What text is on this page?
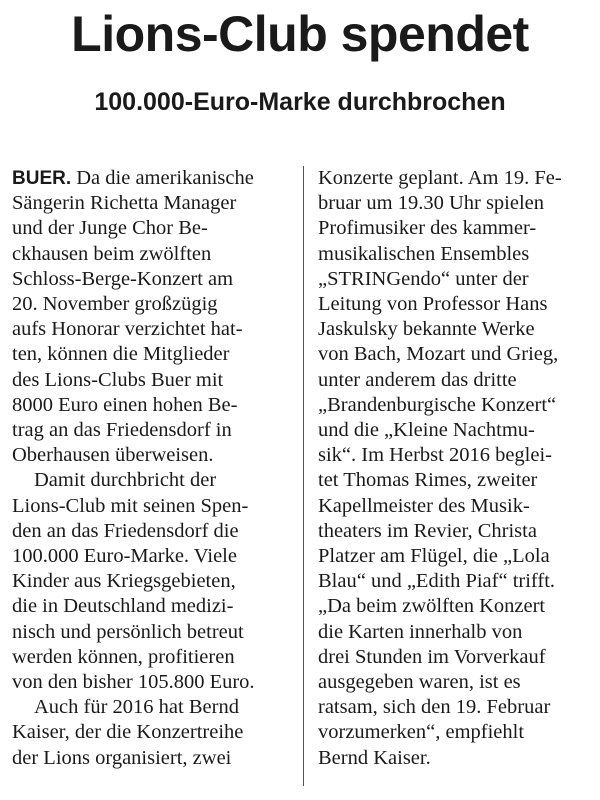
Lions-Club spendet
100.000-Euro-Marke durchbrochen
BUER. Da die amerikanische
Sängerin Richetta Manager
und der Junge Chor Be-
ckhausen beim zwölften
Schloss-Berge-Konzert am
20. November großzügig
aufs Honorar verzichtet hat-
ten, können die Mitglieder
des Lions-Clubs Buer mit
8000 Euro einen hohen Be-
trag an das Friedensdorf in
Oberhausen überweisen.
Damit durchbricht der
Lions-Club mit seinen Spen-
den an das Friedensdorf die
100.000 Euro-Marke. Viele
Kinder aus Kriegsgebieten,
die in Deutschland medizi-
nisch und persönlich betreut
werden können, profitieren
von den bisher 105.800 Euro.
Auch für 2016 hat Bernd
Kaiser, der die Konzertreihe
der Lions organisiert, zwei
Konzerte geplant. Am 19. Fe-
bruar um 19.30 Uhr spielen
Profimusiker des kammer-
musikalischen Ensembles
„STRINGendo“ unter der
Leitung von Professor Hans
Jaskulsky bekannte Werke
von Bach, Mozart und Grieg,
unter anderem das dritte
„Brandenburgische Konzert“
und die „Kleine Nachtmu-
sik“. Im Herbst 2016 beglei-
tet Thomas Rimes, zweiter
Kapellmeister des Musik-
theaters im Revier, Christa
Platzer am Flügel, die „Lola
Blau“ und „Edith Piaf“ trifft.
„Da beim zwölften Konzert
die Karten innerhalb von
drei Stunden im Vorverkauf
ausgegeben waren, ist es
ratsam, sich den 19. Februar
vorzumerken“, empfiehlt
Bernd Kaiser.
